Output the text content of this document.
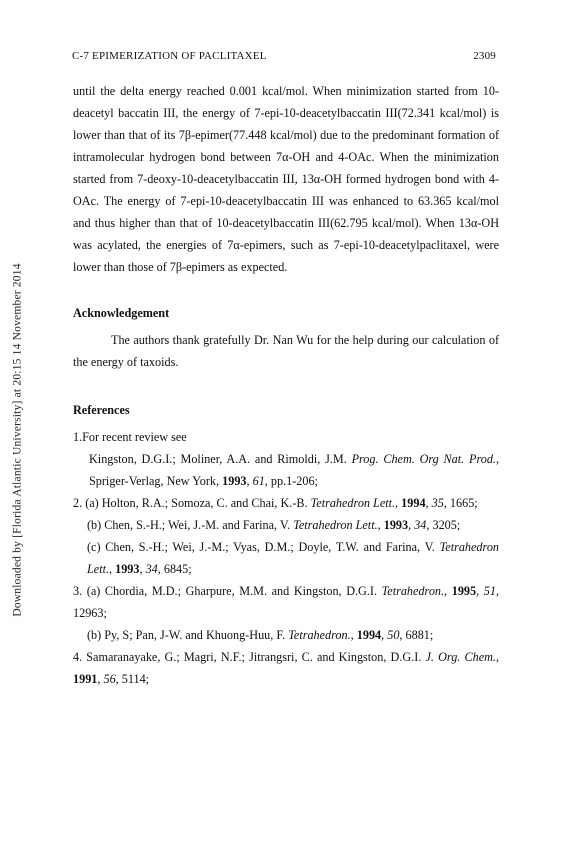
Downloaded by [Florida Atlantic University] at 20:15 14 November 2014
C-7 EPIMERIZATION OF PACLITAXEL	2309

until the delta energy reached 0.001 kcal/mol. When minimization started from 10-deacetyl baccatin III, the energy of 7-epi-10-deacetylbaccatin III(72.341 kcal/mol) is lower than that of its 7β-epimer(77.448 kcal/mol) due to the predominant formation of intramolecular hydrogen bond between 7α-OH and 4-OAc. When the minimization started from 7-deoxy-10-deacetylbaccatin III, 13α-OH formed hydrogen bond with 4-OAc. The energy of 7-epi-10-deacetylbaccatin III was enhanced to 63.365 kcal/mol and thus higher than that of 10-deacetylbaccatin III(62.795 kcal/mol). When 13α-OH was acylated, the energies of 7α-epimers, such as 7-epi-10-deacetylpaclitaxel, were lower than those of 7β-epimers as expected.

Acknowledgement

The authors thank gratefully Dr. Nan Wu for the help during our calculation of the energy of taxoids.

References

1.For recent review see

Kingston, D.G.I.; Moliner, A.A. and Rimoldi, J.M. Prog. Chem. Org Nat. Prod., Spriger-Verlag, New York, 1993, 61, pp.1-206;

2. (a) Holton, R.A.; Somoza, C. and Chai, K.-B. Tetrahedron Lett., 1994, 35, 1665;

(b) Chen, S.-H.; Wei, J.-M. and Farina, V. Tetrahedron Lett., 1993, 34, 3205;

(c) Chen, S.-H.; Wei, J.-M.; Vyas, D.M.; Doyle, T.W. and Farina, V. Tetrahedron Lett., 1993, 34, 6845;

3. (a) Chordia, M.D.; Gharpure, M.M. and Kingston, D.G.I. Tetrahedron., 1995, 51, 12963;

(b) Py, S; Pan, J-W. and Khuong-Huu, F. Tetrahedron., 1994, 50, 6881;

4. Samaranayake, G.; Magri, N.F.; Jitrangsri, C. and Kingston, D.G.I. J. Org. Chem., 1991, 56, 5114;
